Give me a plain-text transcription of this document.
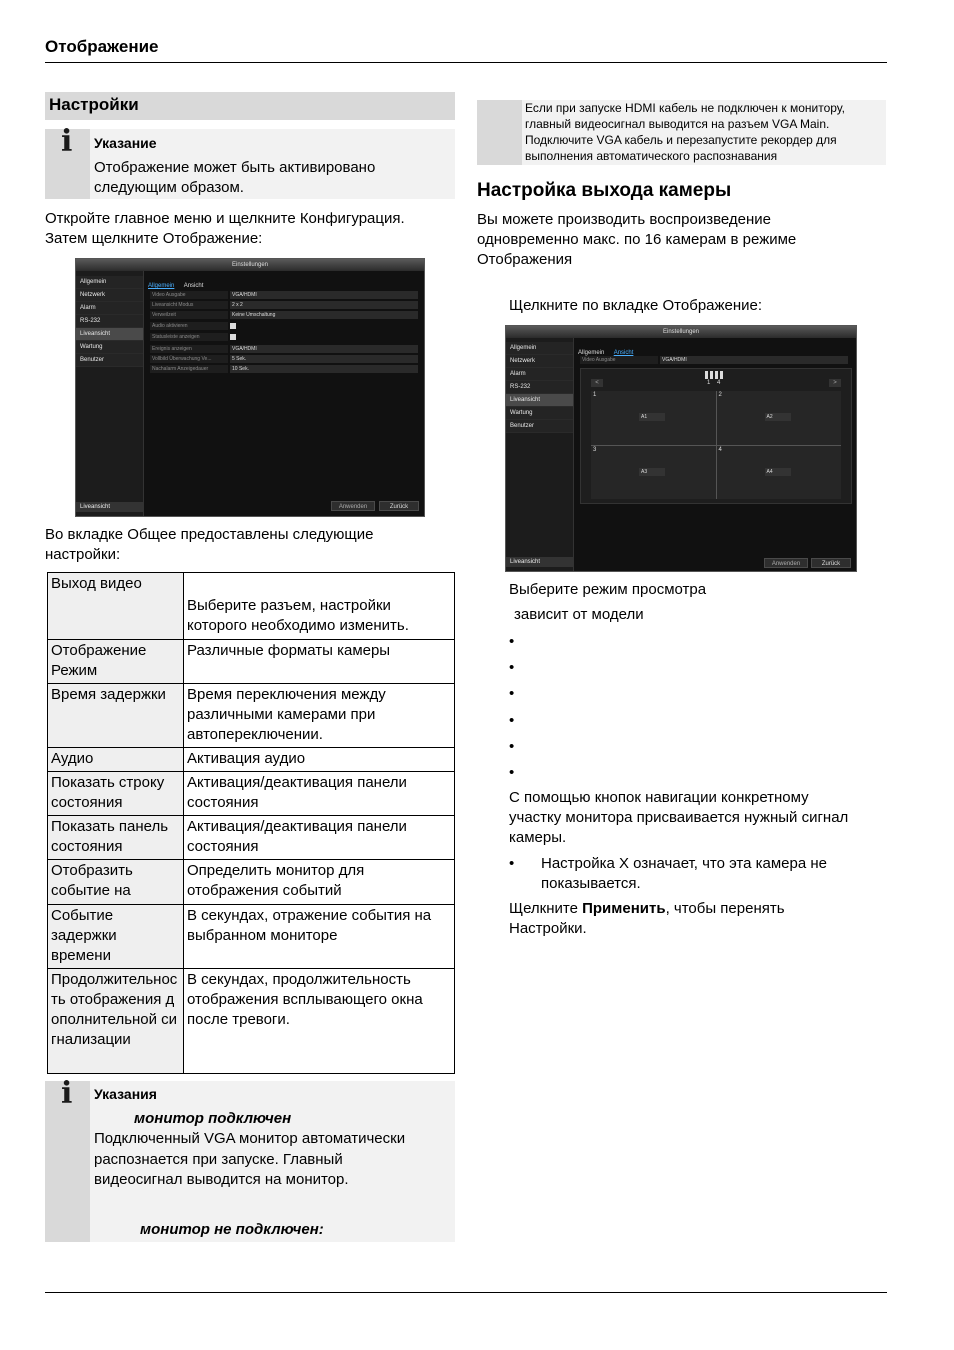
Отображение
Настройки
i Указание
Отображение может быть активировано
следующим образом.
Откройте главное меню и щелкните Конфигурация.
Затем щелкните Отображение:
Einstellungen
Allgemein
Netzwerk
Alarm
RS-232
Liveansicht
Wartung
Benutzer
Liveansicht
Allgemein Ansicht
Video Ausgabe	VGA/HDMI
Liveansicht Modus	2 x 2
Verweilzeit	Keine Umschaltung
Audio aktivieren
Statusleiste anzeigen
Ereignis anzeigen	VGA/HDMI
Vollbild Überwachung Ve...	5 Sek.
Nachalarm Anzeigedauer	10 Sek.
Anwenden	Zurück
Во вкладке Общее предоставлены следующие
настройки:
Выход видео	Выберите разъем, настройки которого необходимо изменить.
Отображение Режим	Различные форматы камеры
Время задержки	Время переключения между различными камерами при автопереключении.
Аудио	Активация аудио
Показать строку состояния	Активация/деактивация панели состояния
Показать панель состояния	Активация/деактивация панели состояния
Отобразить событие на	Определить монитор для отображения событий
Событие задержки времени	В секундах, отражение события на выбранном мониторе
Продолжительность отображения дополнительной сигнализации	В секундах, продолжительность отображения всплывающего окна после тревоги.
i Указания
монитор подключен
Подключенный VGA монитор автоматически
распознается при запуске. Главный
видеосигнал выводится на монитор.
монитор не подключен:
Если при запуске HDMI кабель не подключен к монитору,
главный видеосигнал выводится на разъем VGA Main.
Подключите VGA кабель и перезапустите рекордер для
выполнения автоматического распознавания
Настройка выхода камеры
Вы можете производить воспроизведение
одновременно макс. по 16 камерам в режиме
Отображения
Щелкните по вкладке Отображение:
Einstellungen
Allgemein
Netzwerk
Alarm
RS-232
Liveansicht
Wartung
Benutzer
Liveansicht
Allgemein Ansicht
Video Ausgabe	VGA/HDMI
<	1 4	>
1
A1
2
A2
3
A3
4
A4
Anwenden	Zurück
Выберите режим просмотра
зависит от модели
•
•
•
•
•
•
С помощью кнопок навигации конкретному
участку монитора присваивается нужный сигнал
камеры.
• Настройка X означает, что эта камера не
показывается.
Щелкните Применить, чтобы перенять
Настройки.
